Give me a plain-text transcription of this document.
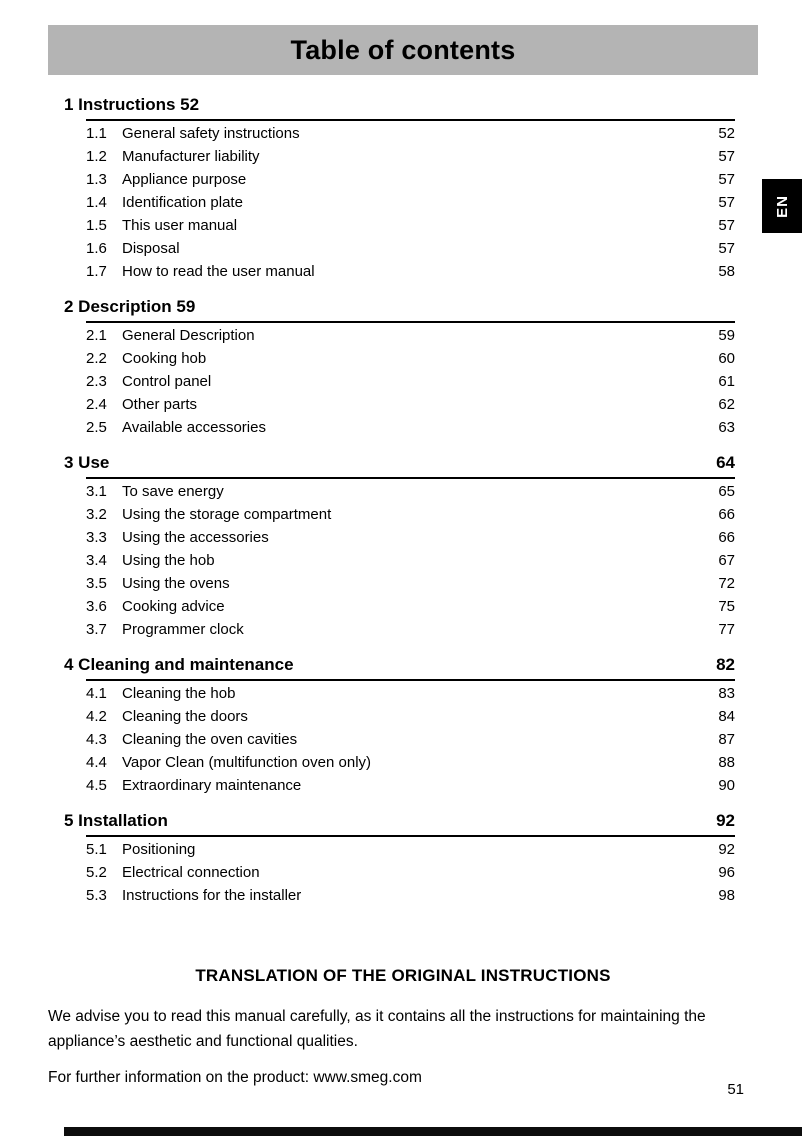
Table of contents
EN
1 Instructions 52
1.1	General safety instructions	52
1.2	Manufacturer liability	57
1.3	Appliance purpose	57
1.4	Identification plate	57
1.5	This user manual	57
1.6	Disposal	57
1.7	How to read the user manual	58
2 Description 59
2.1	General Description	59
2.2	Cooking hob	60
2.3	Control panel	61
2.4	Other parts	62
2.5	Available accessories	63
3 Use	64
3.1	To save energy	65
3.2	Using the storage compartment	66
3.3	Using the accessories	66
3.4	Using the hob	67
3.5	Using the ovens	72
3.6	Cooking advice	75
3.7	Programmer clock	77
4 Cleaning and maintenance	82
4.1	Cleaning the hob	83
4.2	Cleaning the doors	84
4.3	Cleaning the oven cavities	87
4.4	Vapor Clean (multifunction oven only)	88
4.5	Extraordinary maintenance	90
5 Installation	92
5.1	Positioning	92
5.2	Electrical connection	96
5.3	Instructions for the installer	98
TRANSLATION OF THE ORIGINAL INSTRUCTIONS

We advise you to read this manual carefully, as it contains all the instructions for maintaining the appliance’s aesthetic and functional qualities.

For further information on the product: www.smeg.com

51
